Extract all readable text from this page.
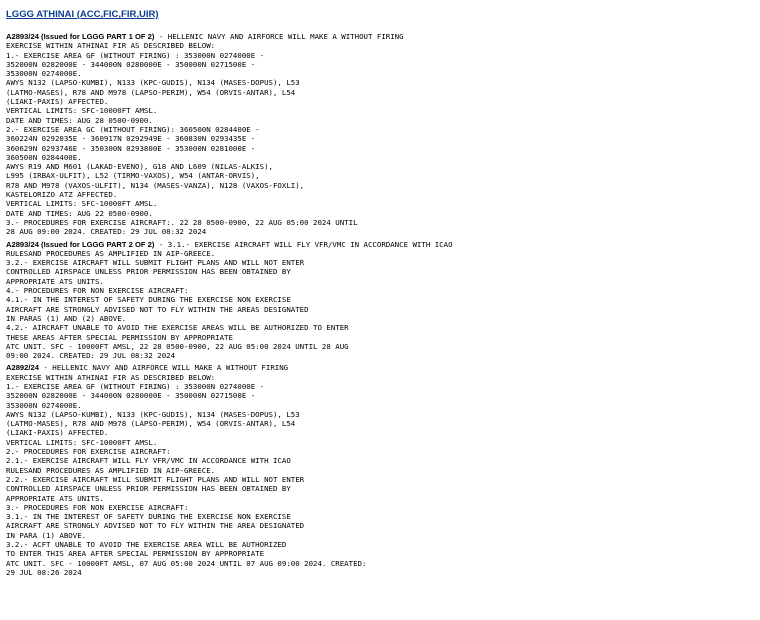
LGGG ATHINAI (ACC,FIC,FIR,UIR)
A2893/24 (Issued for LGGG PART 1 OF 2) - HELLENIC NAVY AND AIRFORCE WILL MAKE A WITHOUT FIRING
EXERCISE WITHIN ATHINAI FIR AS DESCRIBED BELOW:
1.- EXERCISE AREA GF (WITHOUT FIRING) : 353000N 0274000E -
352000N 0282000E - 344000N 0280000E - 350000N 0271500E -
353000N 0274000E.
AWYS N132 (LAPSO-KUMBI), N133 (KPC-GUDIS), N134 (MASES-DOPUS), L53
(LATMO-MASES), R78 AND M978 (LAPSO-PERIM), W54 (ORVIS-ANTAR), L54
(LIAKI-PAXIS) AFFECTED.
VERTICAL LIMITS: SFC-10000FT AMSL.
DATE AND TIMES: AUG 28 0500-0900.
2.- EXERCISE AREA GC (WITHOUT FIRING): 360500N 0284400E -
360224N 0292035E - 360917N 0292949E - 360830N 0293435E -
360629N 0293746E - 350300N 0293800E - 353000N 0281000E -
360500N 0284400E.
AWYS R19 AND M601 (LAKAD-EVENO), G18 AND L609 (NILAS-ALKIS),
L995 (IRBAX-ULFIT), L52 (TIRMO-VAXOS), W54 (ANTAR-ORVIS),
R78 AND M978 (VAXOS-ULFIT), N134 (MASES-VANZA), N128 (VAXOS-FOXLI),
KASTELORIZO ATZ AFFECTED.
VERTICAL LIMITS: SFC-10000FT AMSL.
DATE AND TIMES: AUG 22 0500-0900.
3.- PROCEDURES FOR EXERCISE AIRCRAFT:. 22 28 0500-0900, 22 AUG 05:00 2024 UNTIL
28 AUG 09:00 2024. CREATED: 29 JUL 08:32 2024
A2893/24 (Issued for LGGG PART 2 OF 2) - 3.1.- EXERCISE AIRCRAFT WILL FLY VFR/VMC IN ACCORDANCE WITH ICAO
RULESAND PROCEDURES AS AMPLIFIED IN AIP-GREECE.
3.2.- EXERCISE AIRCRAFT WILL SUBMIT FLIGHT PLANS AND WILL NOT ENTER
CONTROLLED AIRSPACE UNLESS PRIOR PERMISSION HAS BEEN OBTAINED BY
APPROPRIATE ATS UNITS.
4.- PROCEDURES FOR NON EXERCISE AIRCRAFT:
4.1.- IN THE INTEREST OF SAFETY DURING THE EXERCISE NON EXERCISE
AIRCRAFT ARE STRONGLY ADVISED NOT TO FLY WITHIN THE AREAS DESIGNATED
IN PARAS (1) AND (2) ABOVE.
4.2.- AIRCRAFT UNABLE TO AVOID THE EXERCISE AREAS WILL BE AUTHORIZED TO ENTER
THESE AREAS AFTER SPECIAL PERMISSION BY APPROPRIATE
ATC UNIT. SFC - 10000FT AMSL, 22 28 0500-0900, 22 AUG 05:00 2024 UNTIL 28 AUG
09:00 2024. CREATED: 29 JUL 08:32 2024
A2892/24 - HELLENIC NAVY AND AIRFORCE WILL MAKE A WITHOUT FIRING
EXERCISE WITHIN ATHINAI FIR AS DESCRIBED BELOW:
1.- EXERCISE AREA GF (WITHOUT FIRING) : 353000N 0274000E -
352000N 0282000E - 344000N 0280000E - 350000N 0271500E -
353000N 0274000E.
AWYS N132 (LAPSO-KUMBI), N133 (KPC-GUDIS), N134 (MASES-DOPUS), L53
(LATMO-MASES), R78 AND M978 (LAPSO-PERIM), W54 (ORVIS-ANTAR), L54
(LIAKI-PAXIS) AFFECTED.
VERTICAL LIMITS: SFC-10000FT AMSL.
2.- PROCEDURES FOR EXERCISE AIRCRAFT:
2.1.- EXERCISE AIRCRAFT WILL FLY VFR/VMC IN ACCORDANCE WITH ICAO
RULESAND PROCEDURES AS AMPLIFIED IN AIP-GREECE.
2.2.- EXERCISE AIRCRAFT WILL SUBMIT FLIGHT PLANS AND WILL NOT ENTER
CONTROLLED AIRSPACE UNLESS PRIOR PERMISSION HAS BEEN OBTAINED BY
APPROPRIATE ATS UNITS.
3.- PROCEDURES FOR NON EXERCISE AIRCRAFT:
3.1.- IN THE INTEREST OF SAFETY DURING THE EXERCISE NON EXERCISE
AIRCRAFT ARE STRONGLY ADVISED NOT TO FLY WITHIN THE AREA DESIGNATED
IN PARA (1) ABOVE.
3.2.- ACFT UNABLE TO AVOID THE EXERCISE AREA WILL BE AUTHORIZED
TO ENTER THIS AREA AFTER SPECIAL PERMISSION BY APPROPRIATE
ATC UNIT. SFC - 10000FT AMSL, 07 AUG 05:00 2024 UNTIL 07 AUG 09:00 2024. CREATED:
29 JUL 08:26 2024
